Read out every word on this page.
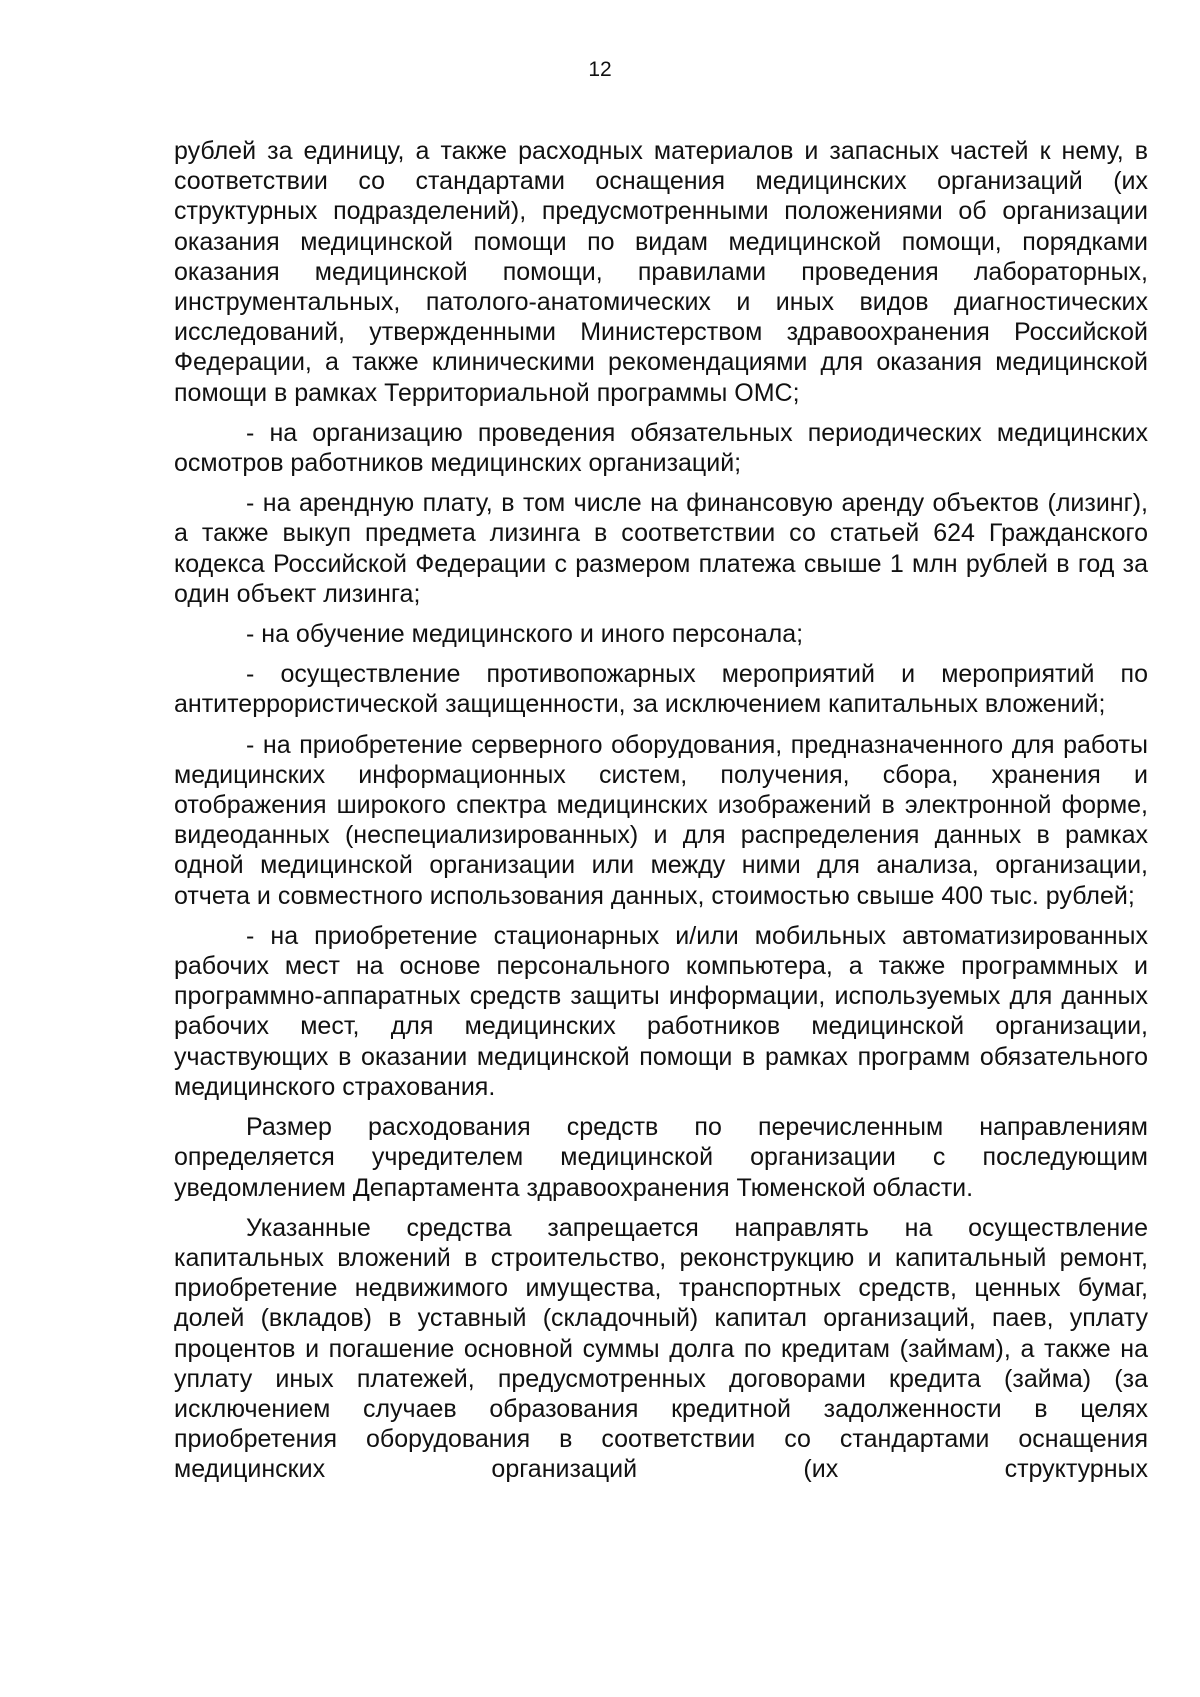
12

рублей за единицу, а также расходных материалов и запасных частей к нему, в соответствии со стандартами оснащения медицинских организаций (их структурных подразделений), предусмотренными положениями об организации оказания медицинской помощи по видам медицинской помощи, порядками оказания медицинской помощи, правилами проведения лабораторных, инструментальных, патолого-анатомических и иных видов диагностических исследований, утвержденными Министерством здравоохранения Российской Федерации, а также клиническими рекомендациями для оказания медицинской помощи в рамках Территориальной программы ОМС;

- на организацию проведения обязательных периодических медицинских осмотров работников медицинских организаций;

- на арендную плату, в том числе на финансовую аренду объектов (лизинг), а также выкуп предмета лизинга в соответствии со статьей 624 Гражданского кодекса Российской Федерации с размером платежа свыше 1 млн рублей в год за один объект лизинга;

- на обучение медицинского и иного персонала;

- осуществление противопожарных мероприятий и мероприятий по антитеррористической защищенности, за исключением капитальных вложений;

- на приобретение серверного оборудования, предназначенного для работы медицинских информационных систем, получения, сбора, хранения и отображения широкого спектра медицинских изображений в электронной форме, видеоданных (неспециализированных) и для распределения данных в рамках одной медицинской организации или между ними для анализа, организации, отчета и совместного использования данных, стоимостью свыше 400 тыс. рублей;

- на приобретение стационарных и/или мобильных автоматизированных рабочих мест на основе персонального компьютера, а также программных и программно-аппаратных средств защиты информации, используемых для данных рабочих мест, для медицинских работников медицинской организации, участвующих в оказании медицинской помощи в рамках программ обязательного медицинского страхования.

Размер расходования средств по перечисленным направлениям определяется учредителем медицинской организации с последующим уведомлением Департамента здравоохранения Тюменской области.

Указанные средства запрещается направлять на осуществление капитальных вложений в строительство, реконструкцию и капитальный ремонт, приобретение недвижимого имущества, транспортных средств, ценных бумаг, долей (вкладов) в уставный (складочный) капитал организаций, паев, уплату процентов и погашение основной суммы долга по кредитам (займам), а также на уплату иных платежей, предусмотренных договорами кредита (займа) (за исключением случаев образования кредитной задолженности в целях приобретения оборудования в соответствии со стандартами оснащения медицинских организаций (их структурных
